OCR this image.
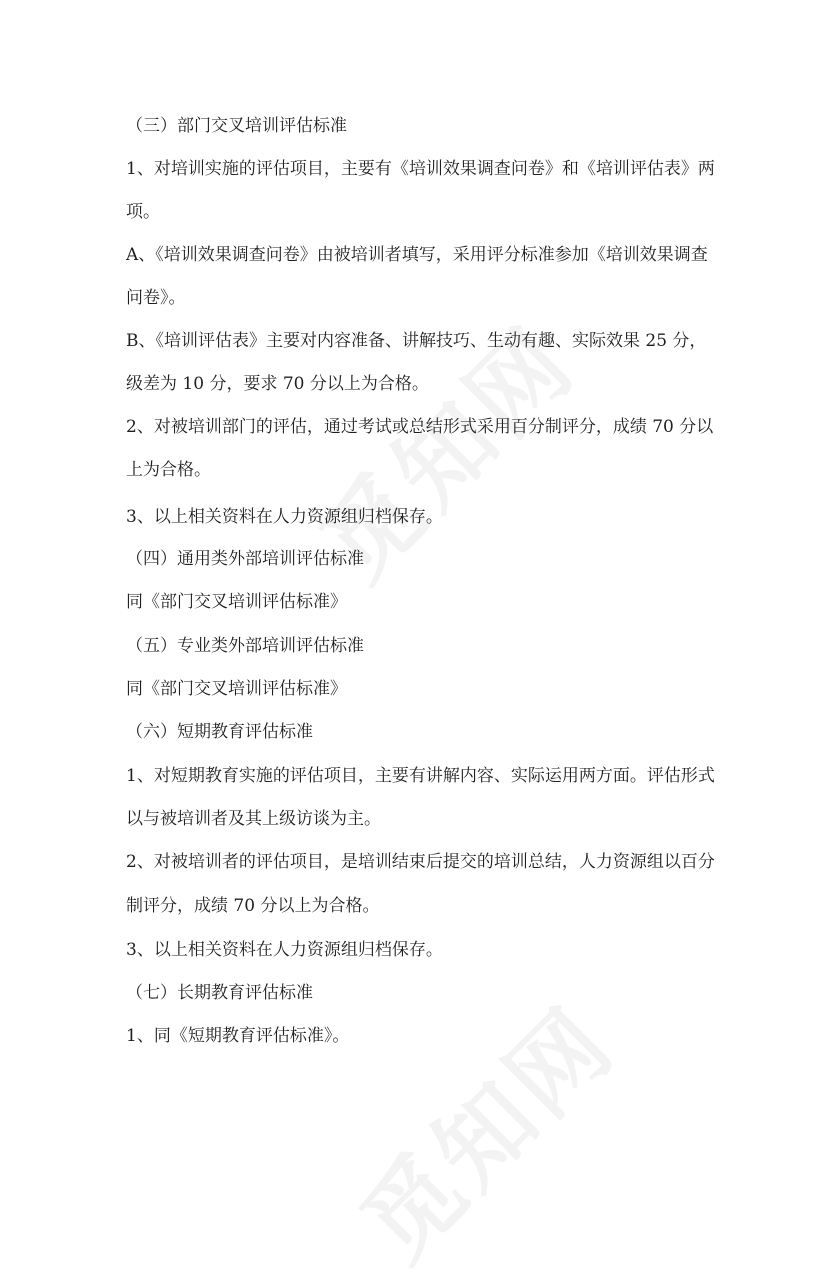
（三）部门交叉培训评估标准
1、对培训实施的评估项目，主要有《培训效果调查问卷》和《培训评估表》两
项。
A、《培训效果调查问卷》由被培训者填写，采用评分标准参加《培训效果调查
问卷》。
B、《培训评估表》主要对内容准备、讲解技巧、生动有趣、实际效果 25 分，
级差为 10 分，要求 70 分以上为合格。
2、对被培训部门的评估，通过考试或总结形式采用百分制评分，成绩 70 分以
上为合格。
3、以上相关资料在人力资源组归档保存。
（四）通用类外部培训评估标准
同《部门交叉培训评估标准》
（五）专业类外部培训评估标准
同《部门交叉培训评估标准》
（六）短期教育评估标准
1、对短期教育实施的评估项目，主要有讲解内容、实际运用两方面。评估形式
以与被培训者及其上级访谈为主。
2、对被培训者的评估项目，是培训结束后提交的培训总结，人力资源组以百分
制评分，成绩 70 分以上为合格。
3、以上相关资料在人力资源组归档保存。
（七）长期教育评估标准
1、同《短期教育评估标准》。
